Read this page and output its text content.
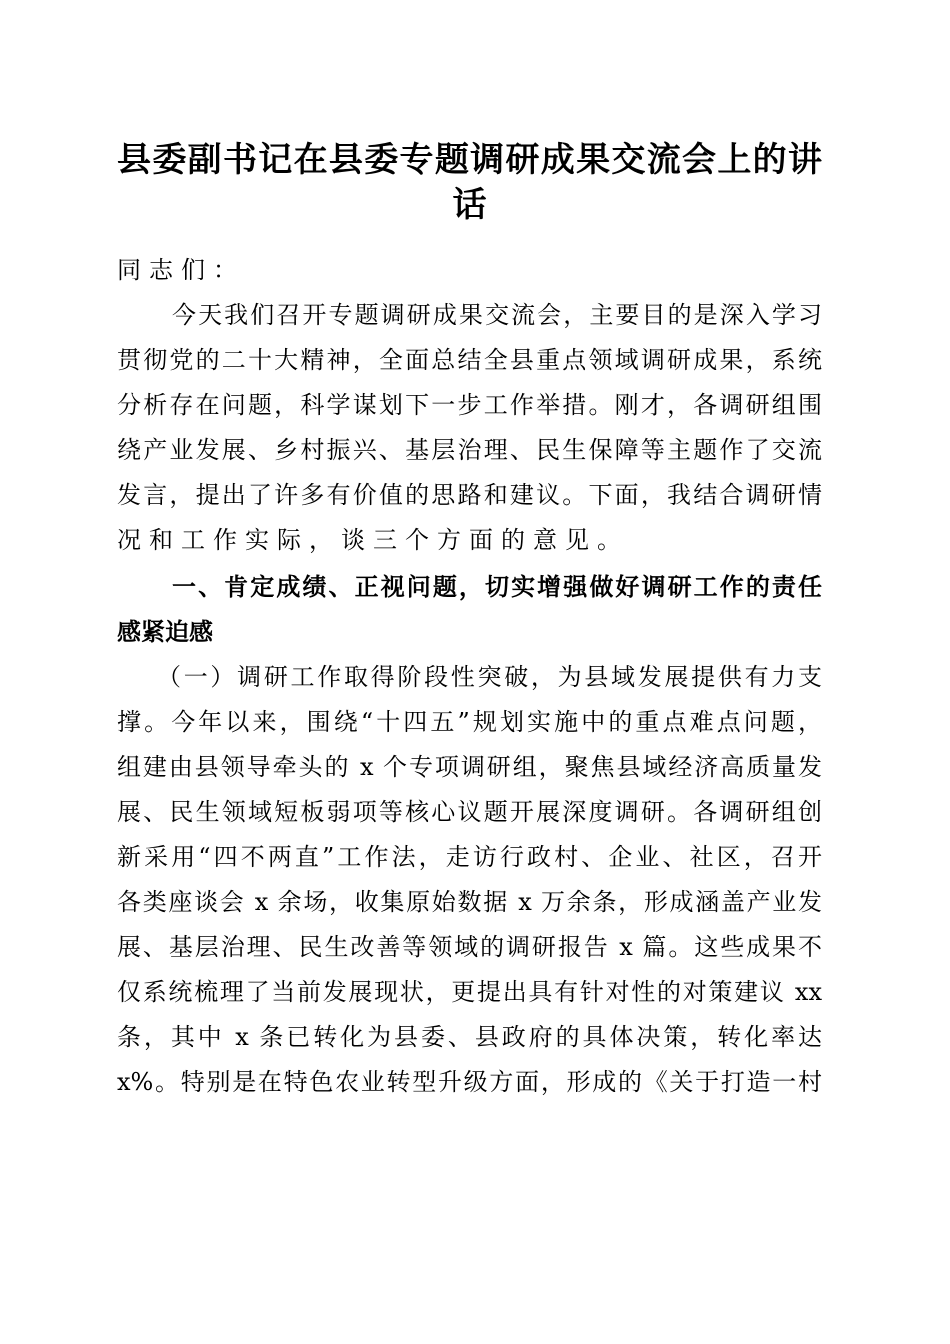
县委副书记在县委专题调研成果交流会上的讲
话
同志们：
今天我们召开专题调研成果交流会，主要目的是深入学习
贯彻党的二十大精神，全面总结全县重点领域调研成果，系统
分析存在问题，科学谋划下一步工作举措。刚才，各调研组围
绕产业发展、乡村振兴、基层治理、民生保障等主题作了交流
发言，提出了许多有价值的思路和建议。下面，我结合调研情
况和工作实际，谈三个方面的意见。
一、肯定成绩、正视问题，切实增强做好调研工作的责任
感紧迫感
（一）调研工作取得阶段性突破，为县域发展提供有力支
撑。今年以来，围绕“十四五”规划实施中的重点难点问题，
组建由县领导牵头的 x 个专项调研组，聚焦县域经济高质量发
展、民生领域短板弱项等核心议题开展深度调研。各调研组创
新采用“四不两直”工作法，走访行政村、企业、社区，召开
各类座谈会 x 余场，收集原始数据 x 万余条，形成涵盖产业发
展、基层治理、民生改善等领域的调研报告 x 篇。这些成果不
仅系统梳理了当前发展现状，更提出具有针对性的对策建议 xx
条，其中 x 条已转化为县委、县政府的具体决策，转化率达
x%。特别是在特色农业转型升级方面，形成的《关于打造一村
